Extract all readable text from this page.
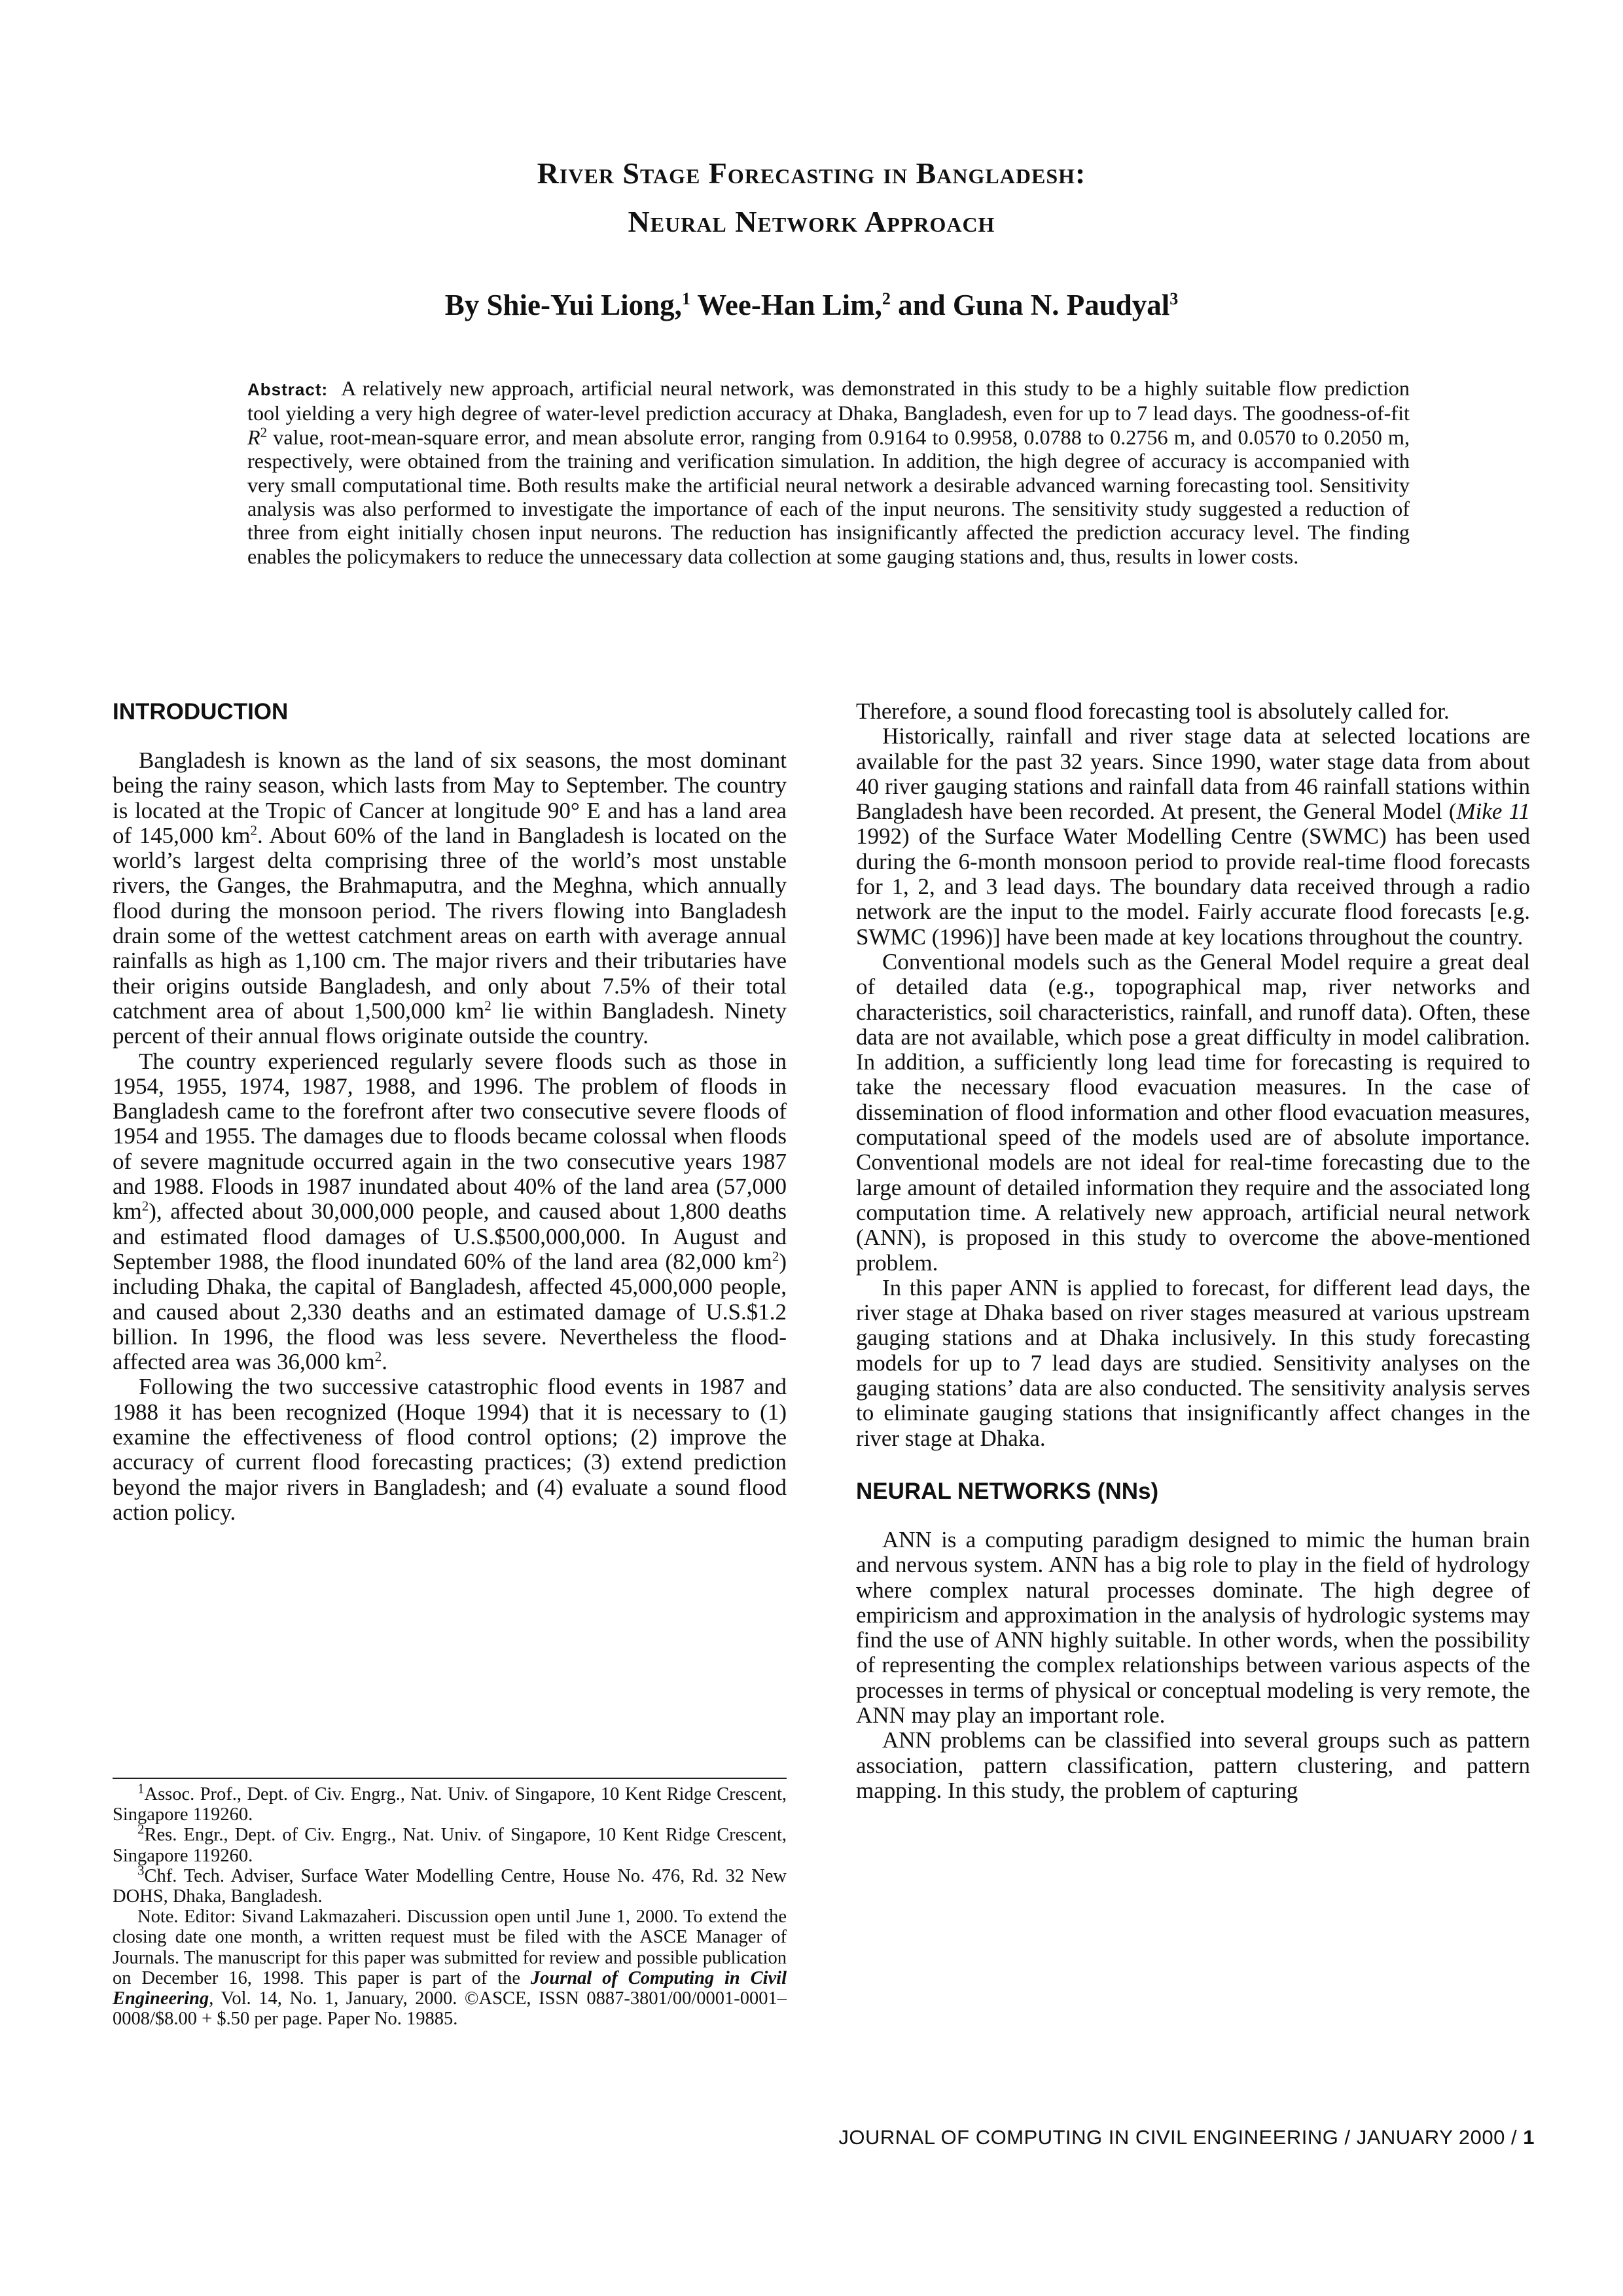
River Stage Forecasting in Bangladesh:
Neural Network Approach
By Shie-Yui Liong,$^1$ Wee-Han Lim,$^2$ and Guna N. Paudyal$^3$

Abstract: A relatively new approach, artificial neural network, was demonstrated in this study to be a highly suitable flow prediction tool yielding a very high degree of water-level prediction accuracy at Dhaka, Bangladesh, even for up to 7 lead days. The goodness-of-fit $R^2$ value, root-mean-square error, and mean absolute error, ranging from 0.9164 to 0.9958, 0.0788 to 0.2756 m, and 0.0570 to 0.2050 m, respectively, were obtained from the training and verification simulation. In addition, the high degree of accuracy is accompanied with very small computational time. Both results make the artificial neural network a desirable advanced warning forecasting tool. Sensitivity analysis was also performed to investigate the importance of each of the input neurons. The sensitivity study suggested a reduction of three from eight initially chosen input neurons. The reduction has insignificantly affected the prediction accuracy level. The finding enables the policymakers to reduce the unnecessary data collection at some gauging stations and, thus, results in lower costs.

INTRODUCTION

Bangladesh is known as the land of six seasons, the most dominant being the rainy season, which lasts from May to September. The country is located at the Tropic of Cancer at longitude 90° E and has a land area of 145,000 $km^2$. About 60% of the land in Bangladesh is located on the world’s largest delta comprising three of the world’s most unstable rivers, the Ganges, the Brahmaputra, and the Meghna, which annually flood during the monsoon period. The rivers flowing into Bangladesh drain some of the wettest catchment areas on earth with average annual rainfalls as high as 1,100 cm. The major rivers and their tributaries have their origins outside Bangladesh, and only about 7.5% of their total catchment area of about 1,500,000 $km^2$ lie within Bangladesh. Ninety percent of their annual flows originate outside the country.

The country experienced regularly severe floods such as those in 1954, 1955, 1974, 1987, 1988, and 1996. The problem of floods in Bangladesh came to the forefront after two consecutive severe floods of 1954 and 1955. The damages due to floods became colossal when floods of severe magnitude occurred again in the two consecutive years 1987 and 1988. Floods in 1987 inundated about 40% of the land area (57,000 $km^2$), affected about 30,000,000 people, and caused about 1,800 deaths and estimated flood damages of U.S.$500,000,000. In August and September 1988, the flood inundated 60% of the land area (82,000 $km^2$) including Dhaka, the capital of Bangladesh, affected 45,000,000 people, and caused about 2,330 deaths and an estimated damage of U.S.$1.2 billion. In 1996, the flood was less severe. Nevertheless the flood-affected area was 36,000 $km^2$.

Following the two successive catastrophic flood events in 1987 and 1988 it has been recognized (Hoque 1994) that it is necessary to (1) examine the effectiveness of flood control options; (2) improve the accuracy of current flood forecasting practices; (3) extend prediction beyond the major rivers in Bangladesh; and (4) evaluate a sound flood action policy.

$^1$Assoc. Prof., Dept. of Civ. Engrg., Nat. Univ. of Singapore, 10 Kent Ridge Crescent, Singapore 119260.

$^2$Res. Engr., Dept. of Civ. Engrg., Nat. Univ. of Singapore, 10 Kent Ridge Crescent, Singapore 119260.

$^3$Chf. Tech. Adviser, Surface Water Modelling Centre, House No. 476, Rd. 32 New DOHS, Dhaka, Bangladesh.

Note. Editor: Sivand Lakmazaheri. Discussion open until June 1, 2000. To extend the closing date one month, a written request must be filed with the ASCE Manager of Journals. The manuscript for this paper was submitted for review and possible publication on December 16, 1998. This paper is part of the Journal of Computing in Civil Engineering, Vol. 14, No. 1, January, 2000. ©ASCE, ISSN 0887-3801/00/0001-0001–0008/$8.00 + $.50 per page. Paper No. 19885.

Therefore, a sound flood forecasting tool is absolutely called for.

Historically, rainfall and river stage data at selected locations are available for the past 32 years. Since 1990, water stage data from about 40 river gauging stations and rainfall data from 46 rainfall stations within Bangladesh have been recorded. At present, the General Model (Mike 11 1992) of the Surface Water Modelling Centre (SWMC) has been used during the 6-month monsoon period to provide real-time flood forecasts for 1, 2, and 3 lead days. The boundary data received through a radio network are the input to the model. Fairly accurate flood forecasts [e.g. SWMC (1996)] have been made at key locations throughout the country.

Conventional models such as the General Model require a great deal of detailed data (e.g., topographical map, river networks and characteristics, soil characteristics, rainfall, and runoff data). Often, these data are not available, which pose a great difficulty in model calibration. In addition, a sufficiently long lead time for forecasting is required to take the necessary flood evacuation measures. In the case of dissemination of flood information and other flood evacuation measures, computational speed of the models used are of absolute importance. Conventional models are not ideal for real-time forecasting due to the large amount of detailed information they require and the associated long computation time. A relatively new approach, artificial neural network (ANN), is proposed in this study to overcome the above-mentioned problem.

In this paper ANN is applied to forecast, for different lead days, the river stage at Dhaka based on river stages measured at various upstream gauging stations and at Dhaka inclusively. In this study forecasting models for up to 7 lead days are studied. Sensitivity analyses on the gauging stations’ data are also conducted. The sensitivity analysis serves to eliminate gauging stations that insignificantly affect changes in the river stage at Dhaka.

NEURAL NETWORKS (NNs)

ANN is a computing paradigm designed to mimic the human brain and nervous system. ANN has a big role to play in the field of hydrology where complex natural processes dominate. The high degree of empiricism and approximation in the analysis of hydrologic systems may find the use of ANN highly suitable. In other words, when the possibility of representing the complex relationships between various aspects of the processes in terms of physical or conceptual modeling is very remote, the ANN may play an important role.

ANN problems can be classified into several groups such as pattern association, pattern classification, pattern clustering, and pattern mapping. In this study, the problem of capturing

JOURNAL OF COMPUTING IN CIVIL ENGINEERING / JANUARY 2000 / 1
